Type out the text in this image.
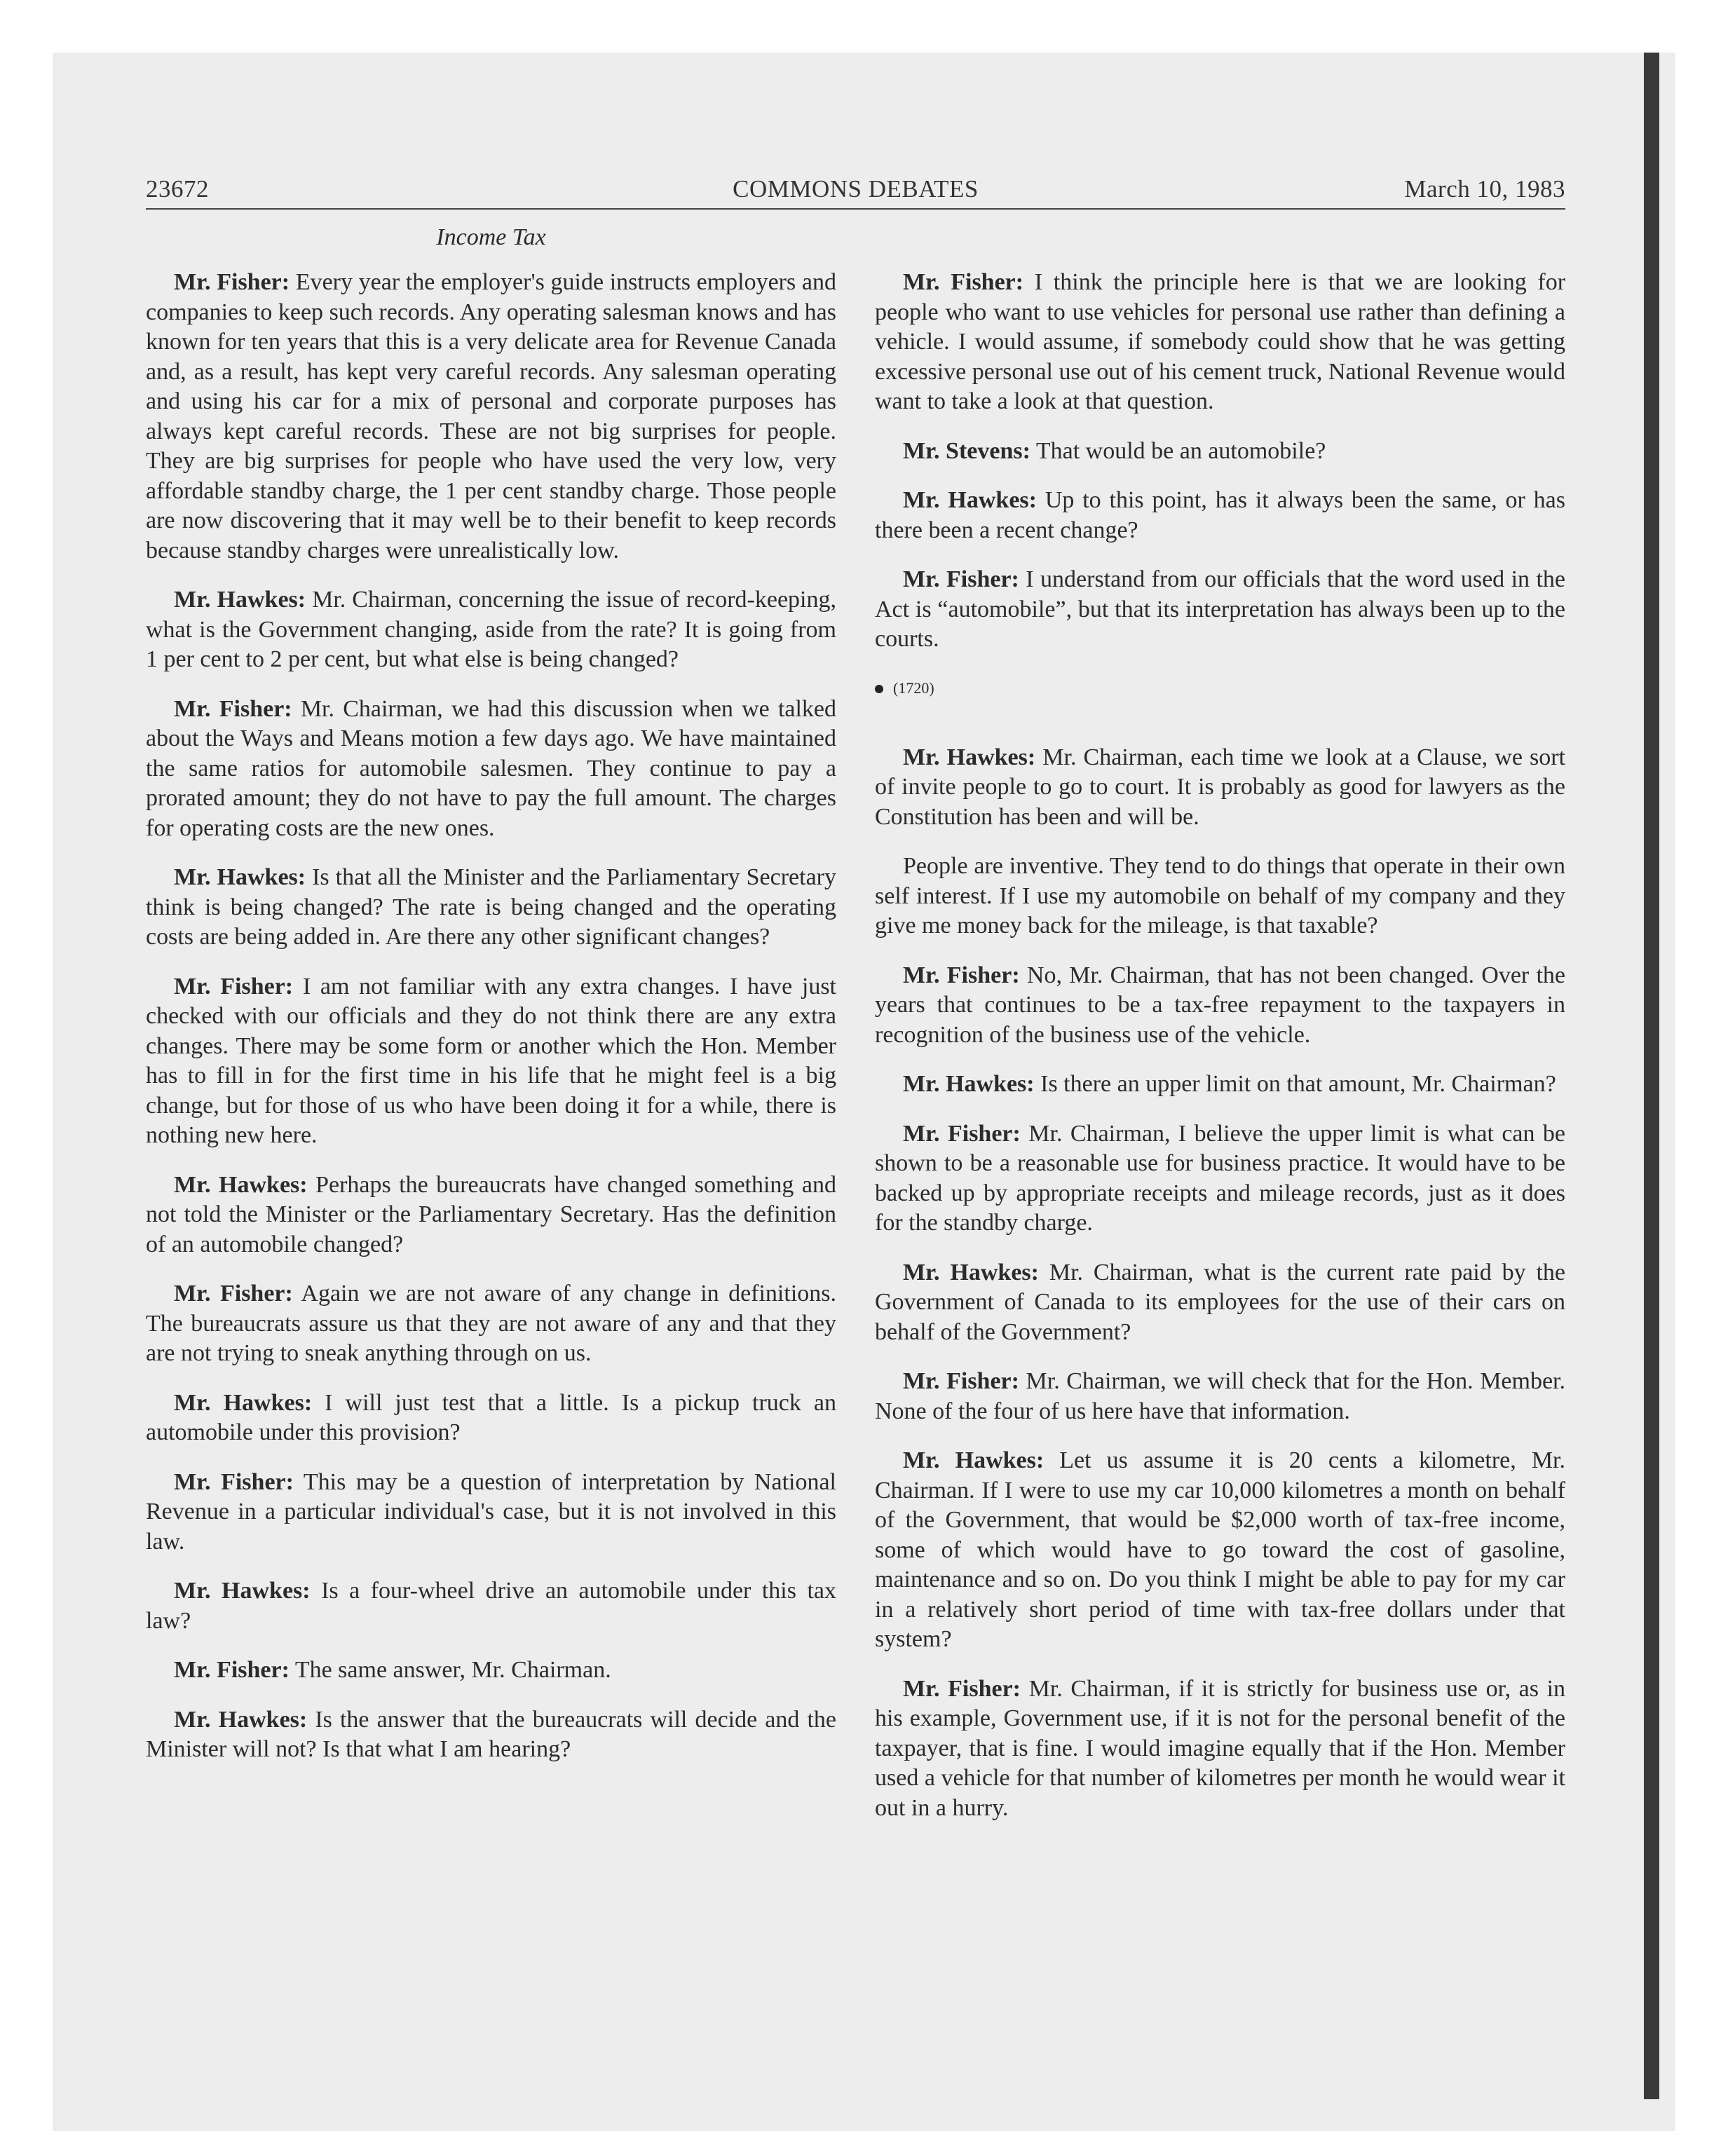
23672	COMMONS DEBATES	March 10, 1983
Income Tax

Mr. Fisher: Every year the employer's guide instructs employers and companies to keep such records. Any operating salesman knows and has known for ten years that this is a very delicate area for Revenue Canada and, as a result, has kept very careful records. Any salesman operating and using his car for a mix of personal and corporate purposes has always kept careful records. These are not big surprises for people. They are big surprises for people who have used the very low, very affordable standby charge, the 1 per cent standby charge. Those people are now discovering that it may well be to their benefit to keep records because standby charges were unrealistically low.

Mr. Hawkes: Mr. Chairman, concerning the issue of record-keeping, what is the Government changing, aside from the rate? It is going from 1 per cent to 2 per cent, but what else is being changed?

Mr. Fisher: Mr. Chairman, we had this discussion when we talked about the Ways and Means motion a few days ago. We have maintained the same ratios for automobile salesmen. They continue to pay a prorated amount; they do not have to pay the full amount. The charges for operating costs are the new ones.

Mr. Hawkes: Is that all the Minister and the Parliamentary Secretary think is being changed? The rate is being changed and the operating costs are being added in. Are there any other significant changes?

Mr. Fisher: I am not familiar with any extra changes. I have just checked with our officials and they do not think there are any extra changes. There may be some form or another which the Hon. Member has to fill in for the first time in his life that he might feel is a big change, but for those of us who have been doing it for a while, there is nothing new here.

Mr. Hawkes: Perhaps the bureaucrats have changed something and not told the Minister or the Parliamentary Secretary. Has the definition of an automobile changed?

Mr. Fisher: Again we are not aware of any change in definitions. The bureaucrats assure us that they are not aware of any and that they are not trying to sneak anything through on us.

Mr. Hawkes: I will just test that a little. Is a pickup truck an automobile under this provision?

Mr. Fisher: This may be a question of interpretation by National Revenue in a particular individual's case, but it is not involved in this law.

Mr. Hawkes: Is a four-wheel drive an automobile under this tax law?

Mr. Fisher: The same answer, Mr. Chairman.

Mr. Hawkes: Is the answer that the bureaucrats will decide and the Minister will not? Is that what I am hearing?

Mr. Fisher: I think the principle here is that we are looking for people who want to use vehicles for personal use rather than defining a vehicle. I would assume, if somebody could show that he was getting excessive personal use out of his cement truck, National Revenue would want to take a look at that question.

Mr. Stevens: That would be an automobile?

Mr. Hawkes: Up to this point, has it always been the same, or has there been a recent change?

Mr. Fisher: I understand from our officials that the word used in the Act is “automobile”, but that its interpretation has always been up to the courts.

(1720)

Mr. Hawkes: Mr. Chairman, each time we look at a Clause, we sort of invite people to go to court. It is probably as good for lawyers as the Constitution has been and will be.

People are inventive. They tend to do things that operate in their own self interest. If I use my automobile on behalf of my company and they give me money back for the mileage, is that taxable?

Mr. Fisher: No, Mr. Chairman, that has not been changed. Over the years that continues to be a tax-free repayment to the taxpayers in recognition of the business use of the vehicle.

Mr. Hawkes: Is there an upper limit on that amount, Mr. Chairman?

Mr. Fisher: Mr. Chairman, I believe the upper limit is what can be shown to be a reasonable use for business practice. It would have to be backed up by appropriate receipts and mileage records, just as it does for the standby charge.

Mr. Hawkes: Mr. Chairman, what is the current rate paid by the Government of Canada to its employees for the use of their cars on behalf of the Government?

Mr. Fisher: Mr. Chairman, we will check that for the Hon. Member. None of the four of us here have that information.

Mr. Hawkes: Let us assume it is 20 cents a kilometre, Mr. Chairman. If I were to use my car 10,000 kilometres a month on behalf of the Government, that would be $2,000 worth of tax-free income, some of which would have to go toward the cost of gasoline, maintenance and so on. Do you think I might be able to pay for my car in a relatively short period of time with tax-free dollars under that system?

Mr. Fisher: Mr. Chairman, if it is strictly for business use or, as in his example, Government use, if it is not for the personal benefit of the taxpayer, that is fine. I would imagine equally that if the Hon. Member used a vehicle for that number of kilometres per month he would wear it out in a hurry.
